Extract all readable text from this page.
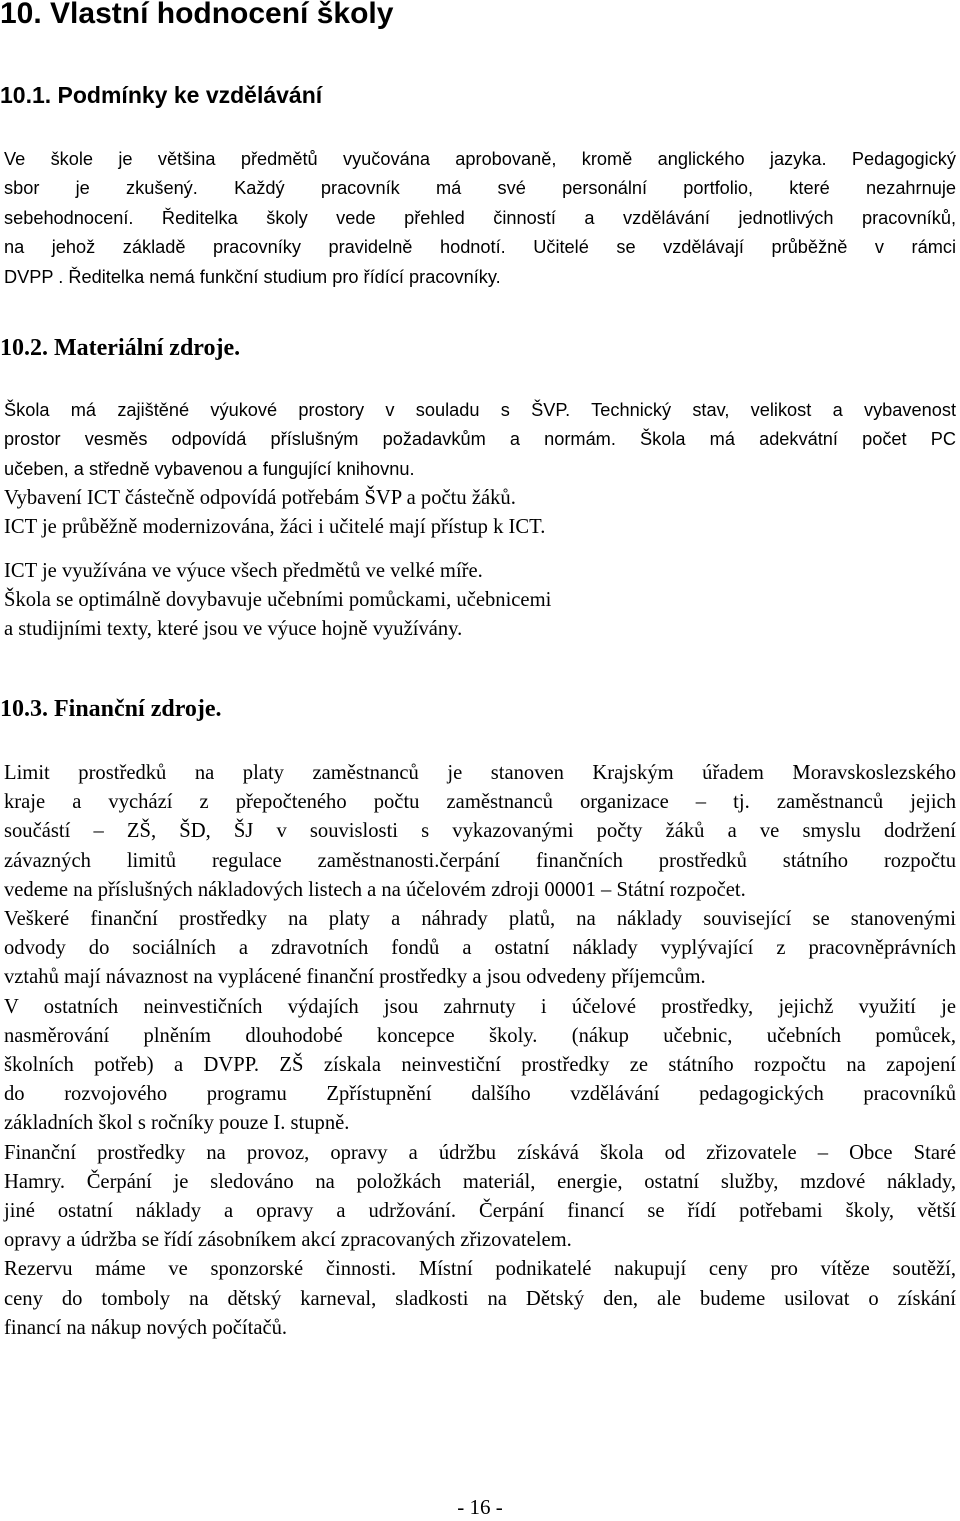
10. Vlastní hodnocení školy
10.1. Podmínky ke vzdělávání
Ve škole je většina předmětů vyučována aprobovaně, kromě anglického jazyka. Pedagogický
sbor je zkušený. Každý pracovník má své personální portfolio, které nezahrnuje
sebehodnocení. Ředitelka školy vede přehled činností a vzdělávání jednotlivých pracovníků,
na jehož základě pracovníky pravidelně hodnotí. Učitelé se vzdělávají průběžně v rámci
DVPP . Ředitelka nemá funkční studium pro řídící pracovníky.
10.2. Materiální zdroje.
Škola má zajištěné výukové prostory v souladu s ŠVP. Technický stav, velikost a vybavenost
prostor vesměs odpovídá příslušným požadavkům a normám. Škola má adekvátní počet PC
učeben, a středně vybavenou a fungující knihovnu.
Vybavení ICT částečně odpovídá potřebám ŠVP a počtu žáků.
ICT je průběžně modernizována, žáci i učitelé mají přístup k ICT.
ICT je využívána ve výuce všech předmětů ve velké míře.
Škola se optimálně dovybavuje učebními pomůckami, učebnicemi
a studijními texty, které jsou ve výuce hojně využívány.
10.3. Finanční zdroje.
Limit prostředků na platy zaměstnanců je stanoven Krajským úřadem Moravskoslezského
kraje a vychází z přepočteného počtu zaměstnanců organizace – tj. zaměstnanců jejich
součástí – ZŠ, ŠD, ŠJ v souvislosti s vykazovanými počty žáků a ve smyslu dodržení
závazných limitů regulace zaměstnanosti.čerpání finančních prostředků státního rozpočtu
vedeme na příslušných nákladových listech a na účelovém zdroji 00001 – Státní rozpočet.
Veškeré finanční prostředky na platy a náhrady platů, na náklady související se stanovenými
odvody do sociálních a zdravotních fondů a ostatní náklady vyplývající z pracovněprávních
vztahů mají návaznost na vyplácené finanční prostředky a jsou odvedeny příjemcům.
V ostatních neinvestičních výdajích jsou zahrnuty i účelové prostředky, jejichž využití je
nasměrování plněním dlouhodobé koncepce školy. (nákup učebnic, učebních pomůcek,
školních potřeb) a DVPP. ZŠ získala neinvestiční prostředky ze státního rozpočtu na zapojení
do rozvojového programu Zpřístupnění dalšího vzdělávání pedagogických pracovníků
základních škol s ročníky pouze I. stupně.
Finanční prostředky na provoz, opravy a údržbu získává škola od zřizovatele – Obce Staré
Hamry. Čerpání je sledováno na položkách materiál, energie, ostatní služby, mzdové náklady,
jiné ostatní náklady a opravy a udržování. Čerpání financí se řídí potřebami školy, větší
opravy a údržba se řídí zásobníkem akcí zpracovaných zřizovatelem.
Rezervu máme ve sponzorské činnosti. Místní podnikatelé nakupují ceny pro vítěze soutěží,
ceny do tomboly na dětský karneval, sladkosti na Dětský den, ale budeme usilovat o získání
financí na nákup nových počítačů.
- 16 -
